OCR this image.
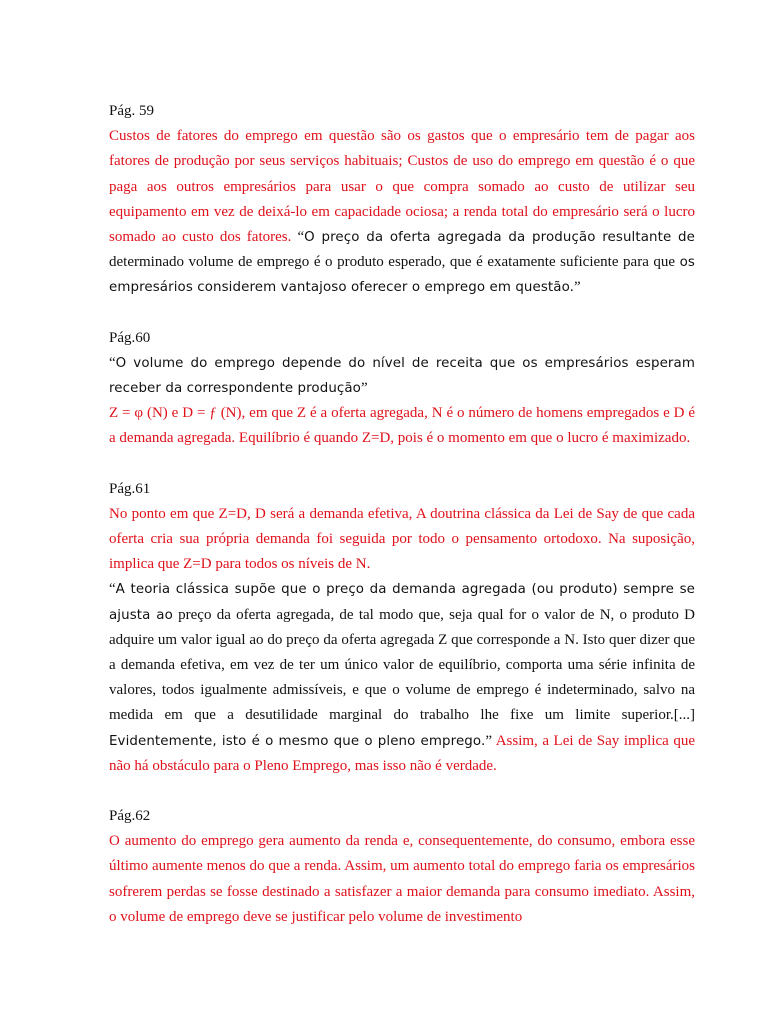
Pág. 59

Custos de fatores do emprego em questão são os gastos que o empresário tem de pagar aos fatores de produção por seus serviços habituais; Custos de uso do emprego em questão é o que paga aos outros empresários para usar o que compra somado ao custo de utilizar seu equipamento em vez de deixá-lo em capacidade ociosa; a renda total do empresário será o lucro somado ao custo dos fatores. “O preço da oferta agregada da produção resultante de determinado volume de emprego é o produto esperado, que é exatamente suficiente para que os empresários considerem vantajoso oferecer o emprego em questão.”

Pág.60

“O volume do emprego depende do nível de receita que os empresários esperam receber da correspondente produção”

Z = φ (N) e D = ƒ (N), em que Z é a oferta agregada, N é o número de homens empregados e D é a demanda agregada. Equilíbrio é quando Z=D, pois é o momento em que o lucro é maximizado.

Pág.61

No ponto em que Z=D, D será a demanda efetiva, A doutrina clássica da Lei de Say de que cada oferta cria sua própria demanda foi seguida por todo o pensamento ortodoxo. Na suposição, implica que Z=D para todos os níveis de N.

“A teoria clássica supõe que o preço da demanda agregada (ou produto) sempre se ajusta ao preço da oferta agregada, de tal modo que, seja qual for o valor de N, o produto D adquire um valor igual ao do preço da oferta agregada Z que corresponde a N. Isto quer dizer que a demanda efetiva, em vez de ter um único valor de equilíbrio, comporta uma série infinita de valores, todos igualmente admissíveis, e que o volume de emprego é indeterminado, salvo na medida em que a desutilidade marginal do trabalho lhe fixe um limite superior.[...] Evidentemente, isto é o mesmo que o pleno emprego.” Assim, a Lei de Say implica que não há obstáculo para o Pleno Emprego, mas isso não é verdade.

Pág.62

O aumento do emprego gera aumento da renda e, consequentemente, do consumo, embora esse último aumente menos do que a renda. Assim, um aumento total do emprego faria os empresários sofrerem perdas se fosse destinado a satisfazer a maior demanda para consumo imediato. Assim, o volume de emprego deve se justificar pelo volume de investimento
